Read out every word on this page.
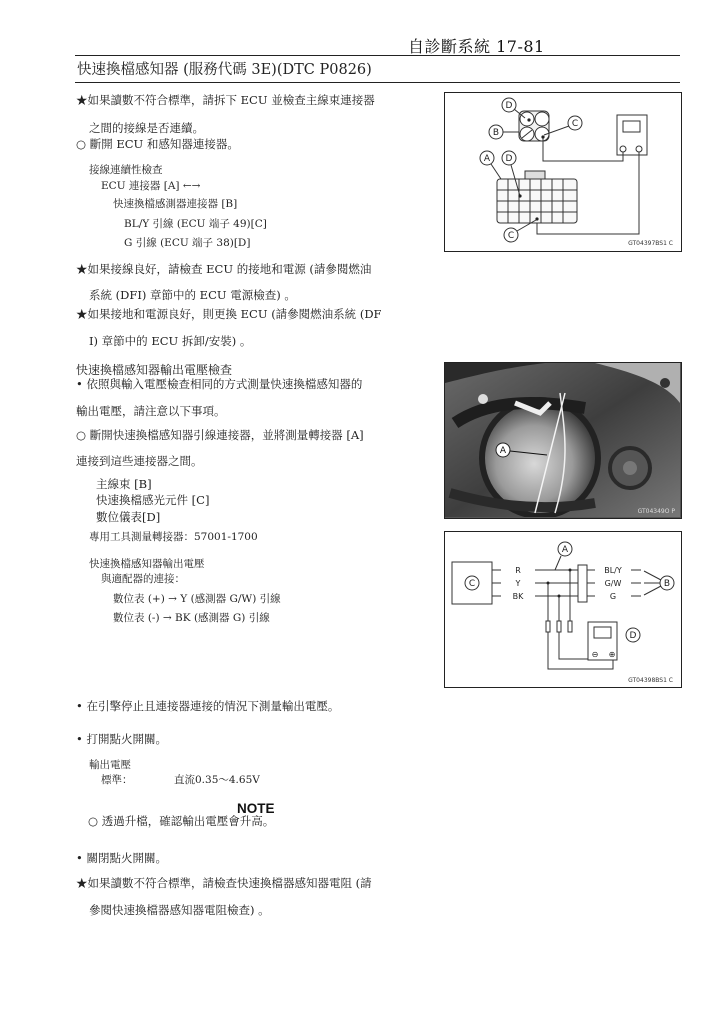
自診斷系統 17-81
快速換檔感知器 (服務代碼 3E)(DTC P0826)
★如果讀數不符合標準，請拆下 ECU 並檢查主線束連接器
之間的接線是否連續。
○ 斷開 ECU 和感知器連接器。
接線連續性檢查
ECU 連接器 [A] ←→
快速換檔感測器連接器 [B]
BL/Y 引線 (ECU 端子 49)[C]
G 引線 (ECU 端子 38)[D]
★如果接線良好，請檢查 ECU 的接地和電源 (請參閱燃油
系統 (DFI) 章節中的 ECU 電源檢查) 。
★如果接地和電源良好，則更換 ECU (請參閱燃油系統 (DF
I) 章節中的 ECU 拆卸/安裝) 。
快速換檔感知器輸出電壓檢查
• 依照與輸入電壓檢查相同的方式測量快速換檔感知器的
輸出電壓，請注意以下事項。
○ 斷開快速換檔感知器引線連接器，並將測量轉接器 [A]
連接到這些連接器之間。
主線束 [B]
快速換檔感光元件 [C]
數位儀表[D]
專用工具測量轉接器：57001-1700
快速換檔感知器輸出電壓
與適配器的連接：
數位表 (+) → Y (感測器 G/W) 引線
數位表 (-) → BK (感測器 G) 引線
• 在引擎停止且連接器連接的情況下測量輸出電壓。
• 打開點火開關。
輸出電壓
標準：	直流0.35～4.65V
NOTE
○ 透過升檔，確認輸出電壓會升高。
• 關閉點火開關。
★如果讀數不符合標準，請檢查快速換檔器感知器電阻 (請
參閱快速換檔器感知器電阻檢查) 。
D
B
C
A D
C
GT04397BS1 C
A
GT04349O P
R
Y
BK
BL/Y
G/W
G
⊖ ⊕
C
A
B
D
GT04398BS1 C
